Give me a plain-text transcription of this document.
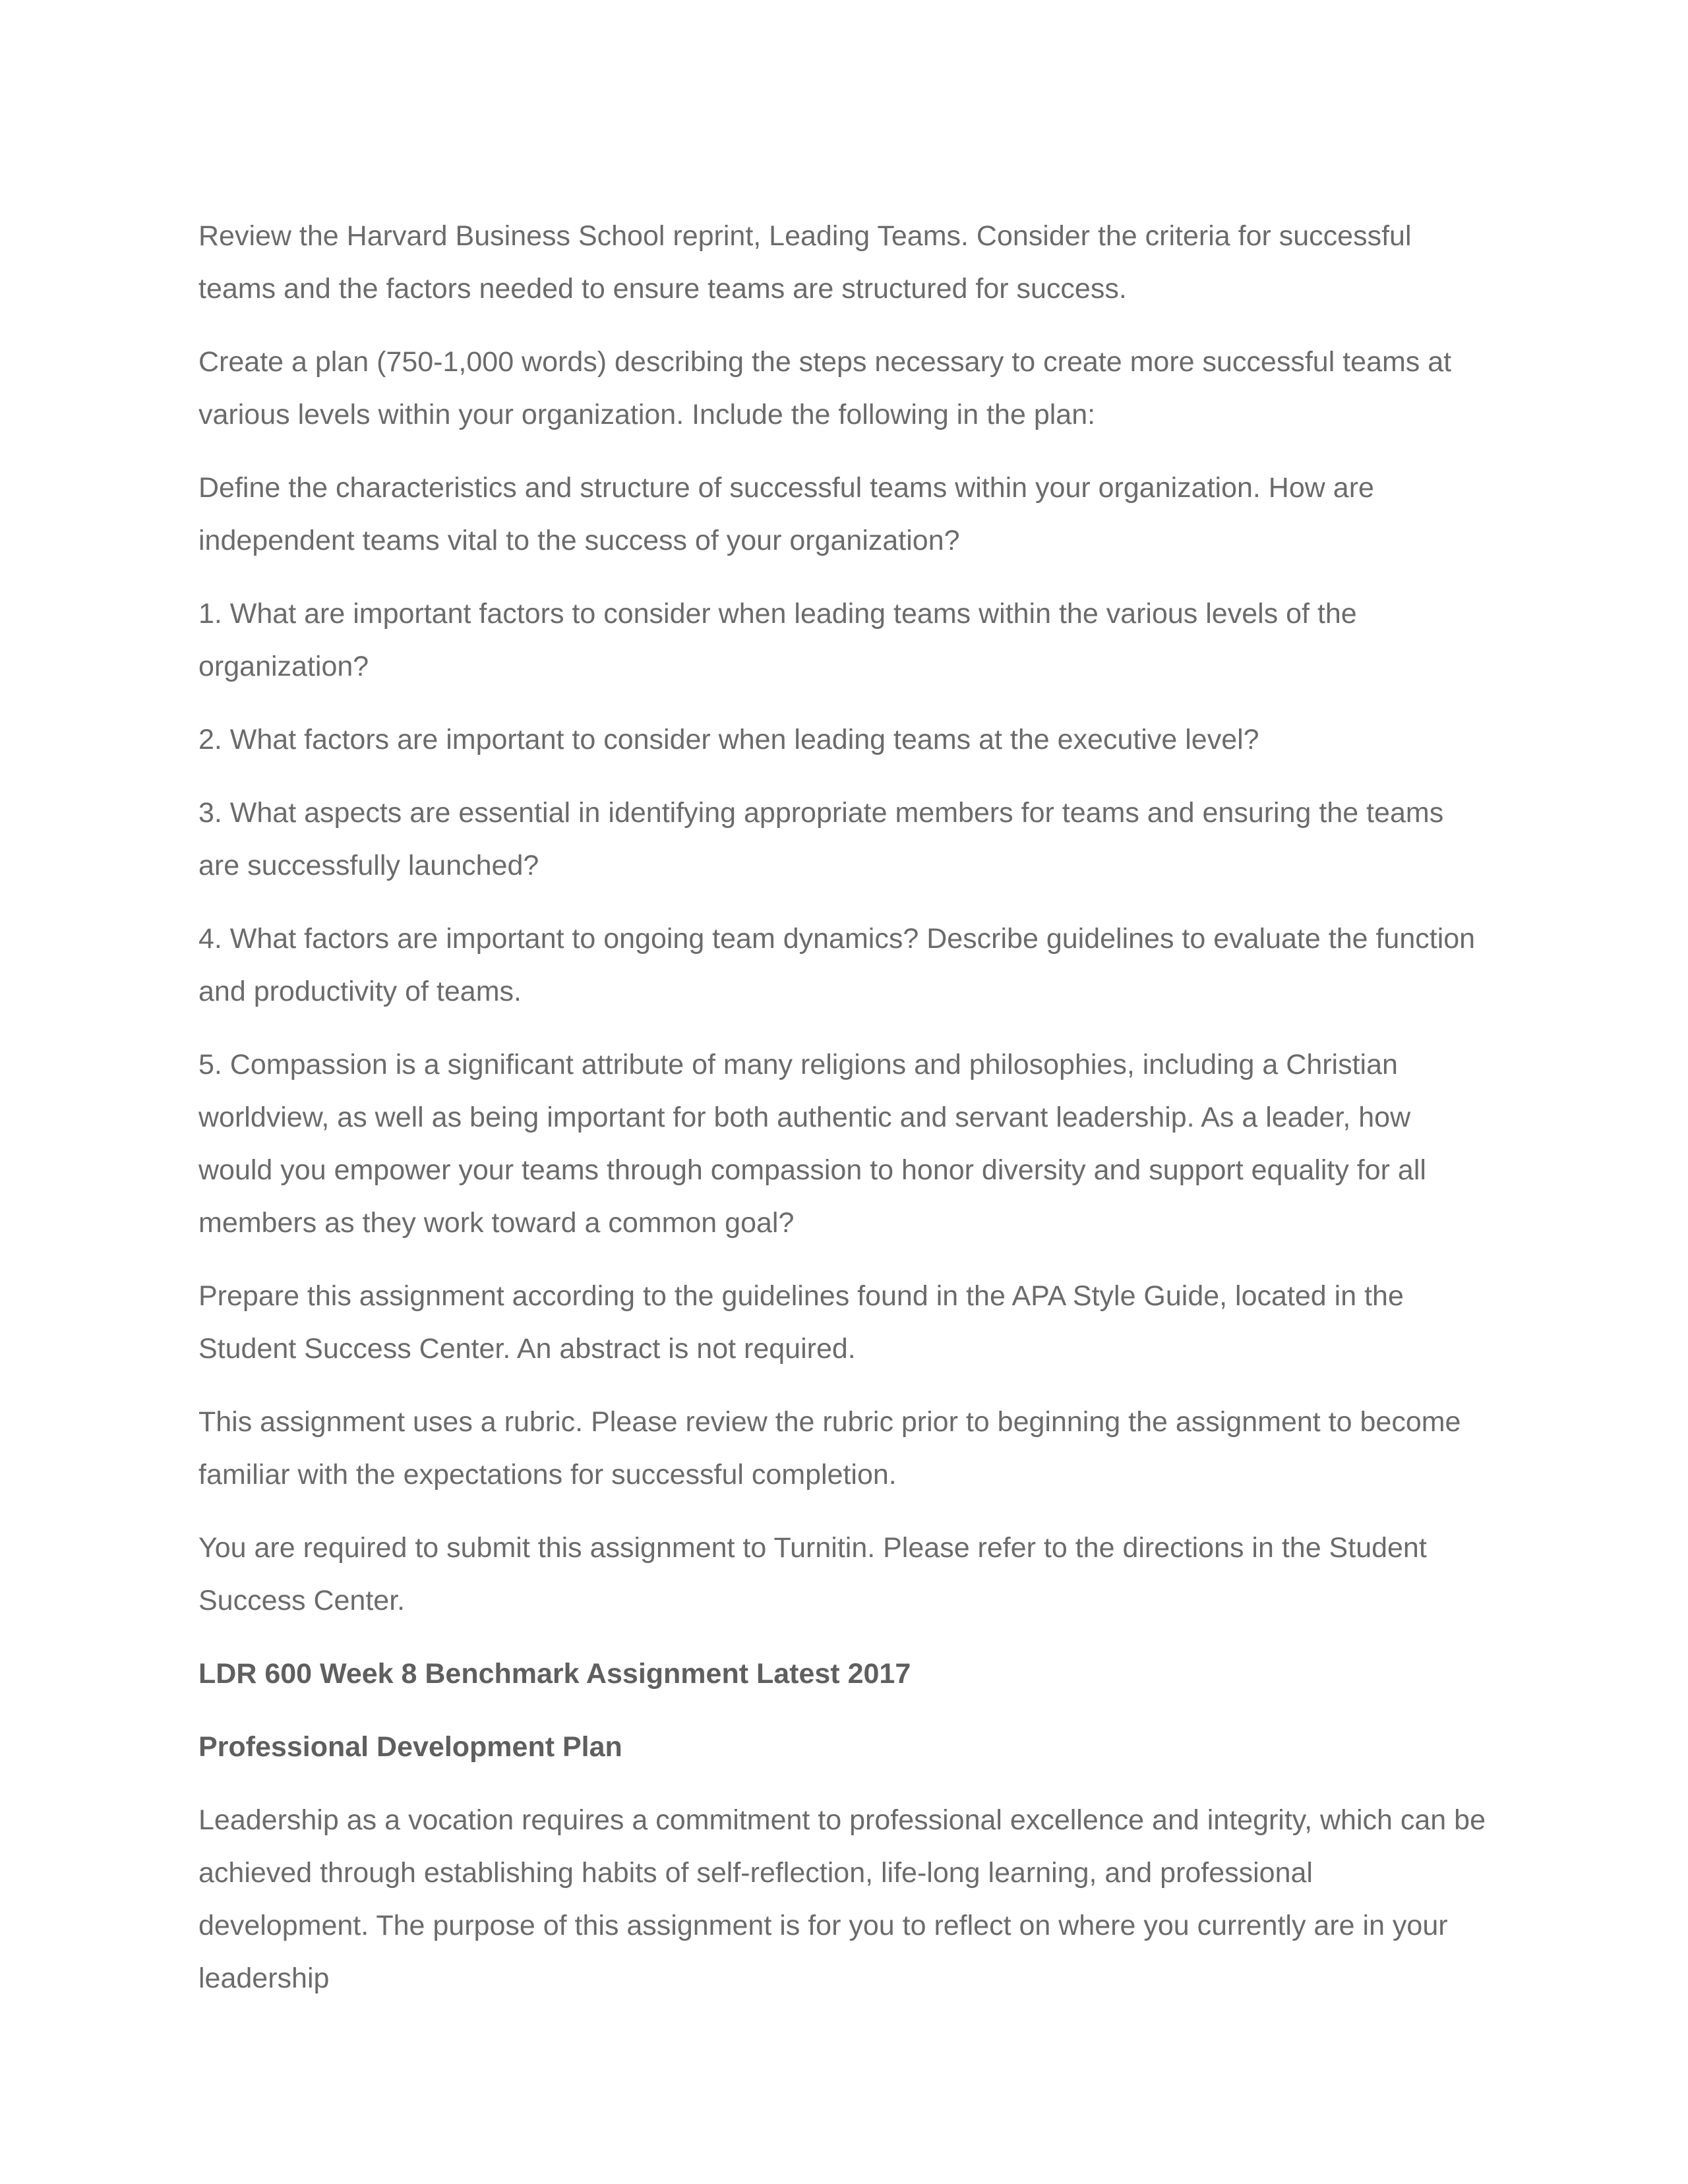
Review the Harvard Business School reprint, Leading Teams. Consider the criteria for successful teams and the factors needed to ensure teams are structured for success.

Create a plan (750-1,000 words) describing the steps necessary to create more successful teams at various levels within your organization. Include the following in the plan:

Define the characteristics and structure of successful teams within your organization. How are independent teams vital to the success of your organization?

1. What are important factors to consider when leading teams within the various levels of the organization?

2. What factors are important to consider when leading teams at the executive level?

3. What aspects are essential in identifying appropriate members for teams and ensuring the teams are successfully launched?

4. What factors are important to ongoing team dynamics? Describe guidelines to evaluate the function and productivity of teams.

5. Compassion is a significant attribute of many religions and philosophies, including a Christian worldview, as well as being important for both authentic and servant leadership. As a leader, how would you empower your teams through compassion to honor diversity and support equality for all members as they work toward a common goal?

Prepare this assignment according to the guidelines found in the APA Style Guide, located in the Student Success Center. An abstract is not required.

This assignment uses a rubric. Please review the rubric prior to beginning the assignment to become familiar with the expectations for successful completion.

You are required to submit this assignment to Turnitin. Please refer to the directions in the Student Success Center.

LDR 600 Week 8 Benchmark Assignment Latest 2017

Professional Development Plan

Leadership as a vocation requires a commitment to professional excellence and integrity, which can be achieved through establishing habits of self-reflection, life-long learning, and professional development. The purpose of this assignment is for you to reflect on where you currently are in your leadership
